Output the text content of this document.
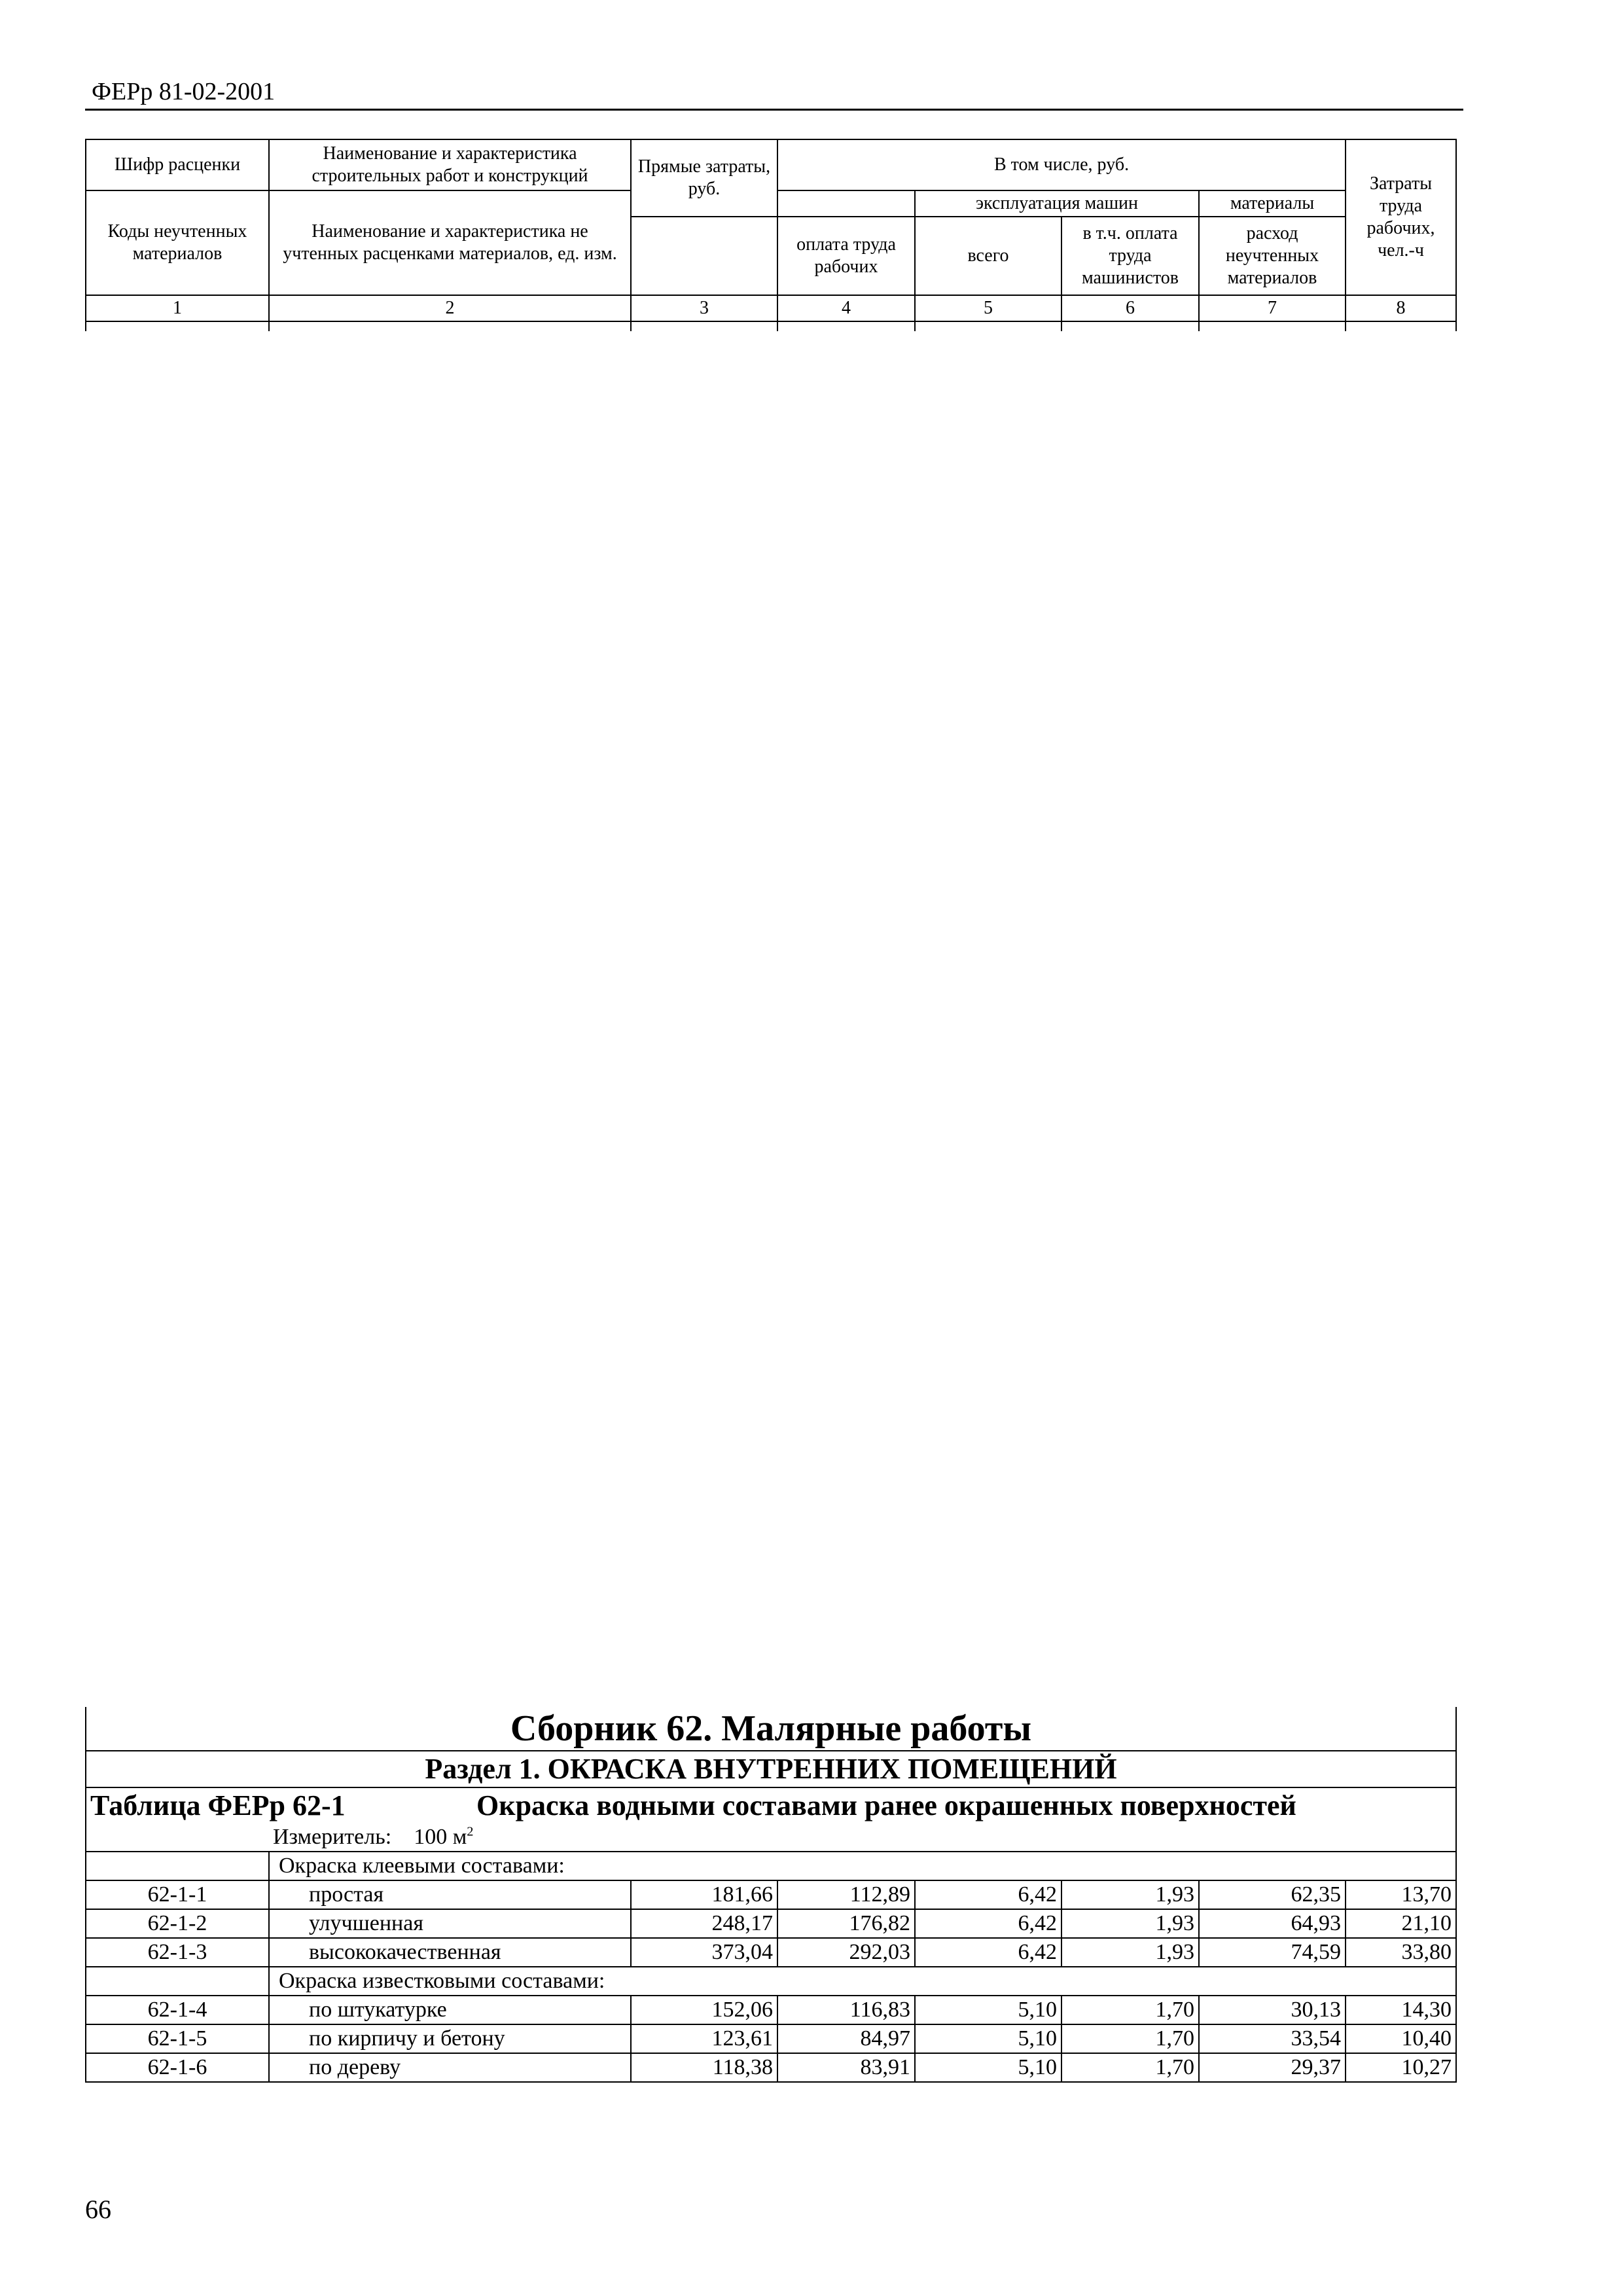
ФЕРр 81-02-2001
Шифр расценки	Наименование и характеристика строительных работ и конструкций	Прямые затраты, руб.	В том числе, руб.				Затраты труда рабочих, чел.-ч
Коды неучтенных материалов	Наименование и характеристика не учтенных расценками материалов, ед. изм.						
				эксплуатация машин		материалы	
			оплата труда рабочих	всего	в т.ч. оплата труда машинистов	расход неучтенных материалов	
1	2	3	4	5	6	7	8

Сборник 62. Малярные работы							
Раздел 1. ОКРАСКА ВНУТРЕННИХ ПОМЕЩЕНИЙ							
Таблица ФЕРр 62-1 Окраска водными составами ранее окрашенных поверхностей							
	Измеритель: 100 $м^2$
	Окраска клеевыми составами:						
62-1-1	простая	181,66	112,89	6,42	1,93	62,35	13,70
62-1-2	улучшенная	248,17	176,82	6,42	1,93	64,93	21,10
62-1-3	высококачественная	373,04	292,03	6,42	1,93	74,59	33,80
	Окраска известковыми составами:						
62-1-4	по штукатурке	152,06	116,83	5,10	1,70	30,13	14,30
62-1-5	по кирпичу и бетону	123,61	84,97	5,10	1,70	33,54	10,40
62-1-6	по дереву	118,38	83,91	5,10	1,70	29,37	10,27
66
